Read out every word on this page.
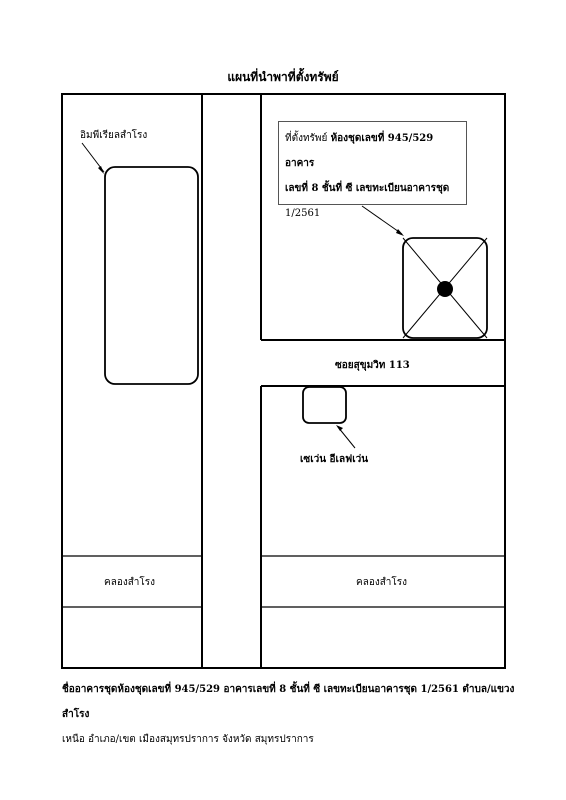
แผนที่นำพาที่ตั้งทรัพย์
อิมพีเรียลสำโรง
ซอยสุขุมวิท 113
เซเว่น อีเลฟเว่น
คลองสำโรง	คลองสำโรง
ที่ตั้งทรัพย์ ห้องชุดเลขที่ 945/529 อาคาร
เลขที่ 8 ชั้นที่ ซี เลขทะเบียนอาคารชุด
1/2561
ชื่ออาคารชุดห้องชุดเลขที่ 945/529 อาคารเลขที่ 8 ชั้นที่ ซี เลขทะเบียนอาคารชุด 1/2561 ตำบล/แขวง สำโรง
เหนือ อำเภอ/เขต เมืองสมุทรปราการ จังหวัด สมุทรปราการ
